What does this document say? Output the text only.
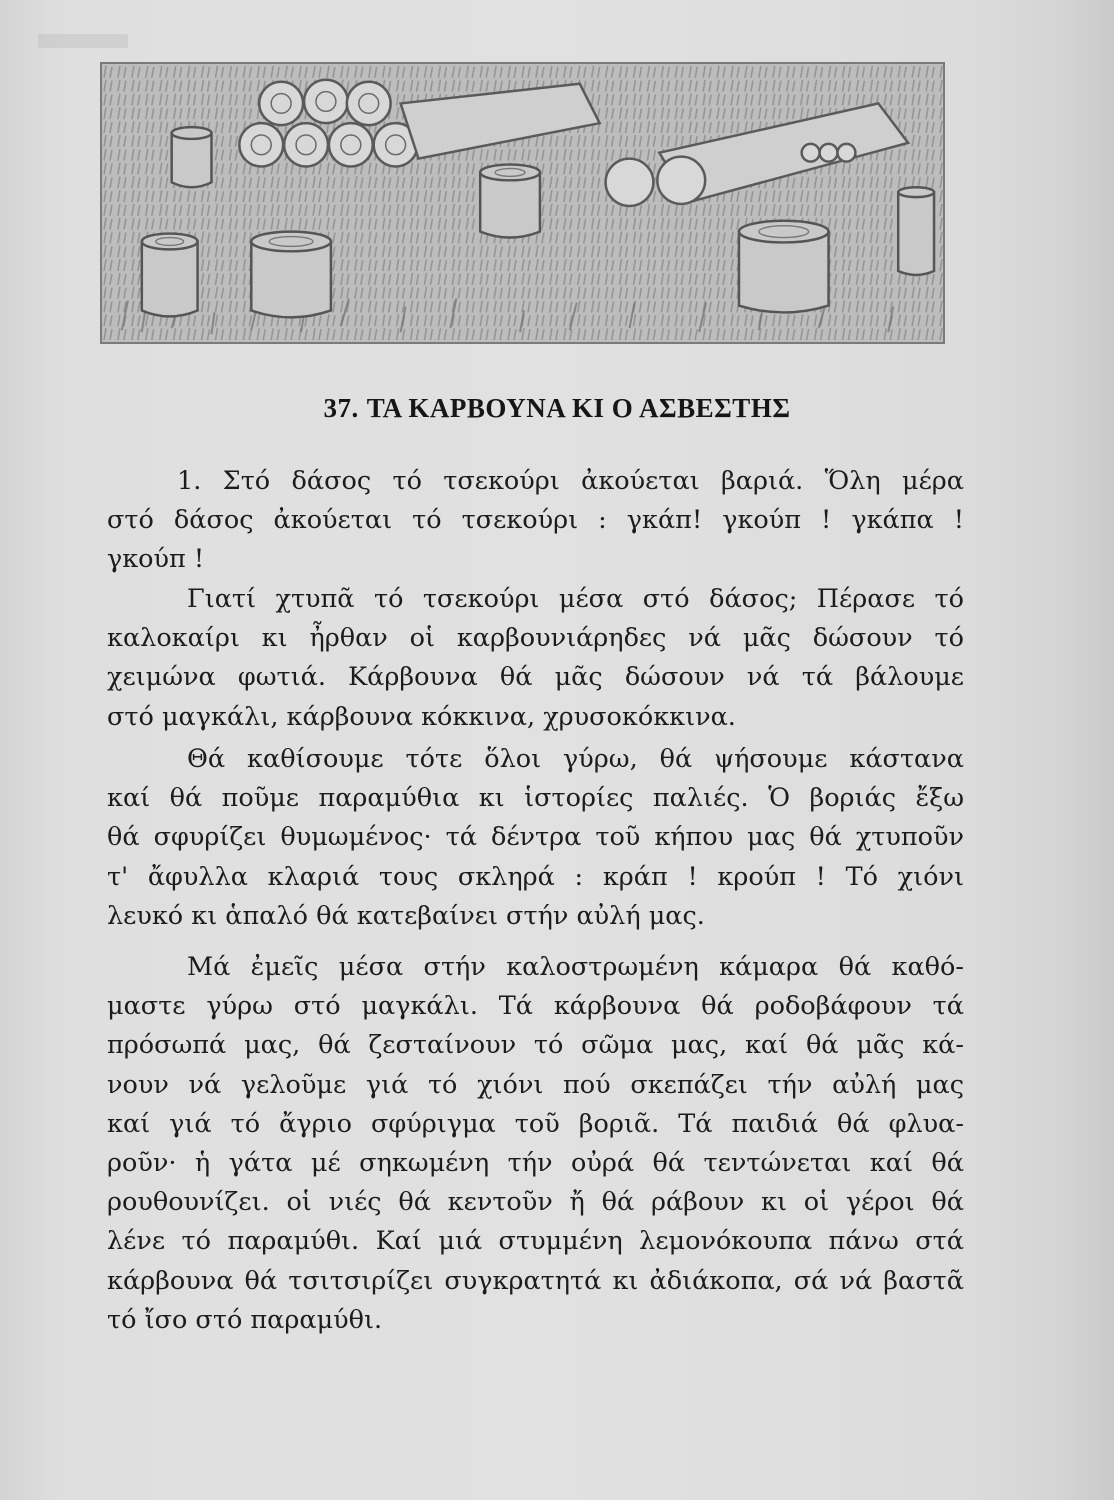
37. ΤΑ ΚΑΡΒΟΥΝΑ ΚΙ Ο ΑΣΒΕΣΤΗΣ
1. Στό δάσος τό τσεκούρι ἀκούεται βαριά. Ὅλη μέρα
στό δάσος ἀκούεται τό τσεκούρι : γκάπ! γκούπ ! γκάπα !
γκούπ !
Γιατί χτυπᾶ τό τσεκούρι μέσα στό δάσος; Πέρασε τό
καλοκαίρι κι ἦρθαν οἱ καρβουνιάρηδες νά μᾶς δώσουν τό
χειμώνα φωτιά. Κάρβουνα θά μᾶς δώσουν νά τά βάλουμε
στό μαγκάλι, κάρβουνα κόκκινα, χρυσοκόκκινα.
Θά καθίσουμε τότε ὅλοι γύρω, θά ψήσουμε κάστανα
καί θά ποῦμε παραμύθια κι ἱστορίες παλιές. Ὁ βοριάς ἔξω
θά σφυρίζει θυμωμένος· τά δέντρα τοῦ κήπου μας θά χτυποῦν
τ' ἄφυλλα κλαριά τους σκληρά : κράπ ! κρούπ ! Τό χιόνι
λευκό κι ἁπαλό θά κατεβαίνει στήν αὐλή μας.
Μά ἐμεῖς μέσα στήν καλοστρωμένη κάμαρα θά καθό-
μαστε γύρω στό μαγκάλι. Τά κάρβουνα θά ροδοβάφουν τά
πρόσωπά μας, θά ζεσταίνουν τό σῶμα μας, καί θά μᾶς κά-
νουν νά γελοῦμε γιά τό χιόνι πού σκεπάζει τήν αὐλή μας
καί γιά τό ἄγριο σφύριγμα τοῦ βοριᾶ. Τά παιδιά θά φλυα-
ροῦν· ἡ γάτα μέ σηκωμένη τήν οὐρά θά τεντώνεται καί θά
ρουθουνίζει. οἱ νιές θά κεντοῦν ἤ θά ράβουν κι οἱ γέροι θά
λένε τό παραμύθι. Καί μιά στυμμένη λεμονόκουπα πάνω στά
κάρβουνα θά τσιτσιρίζει συγκρατητά κι ἀδιάκοπα, σά νά βαστᾶ
τό ἴσο στό παραμύθι.
